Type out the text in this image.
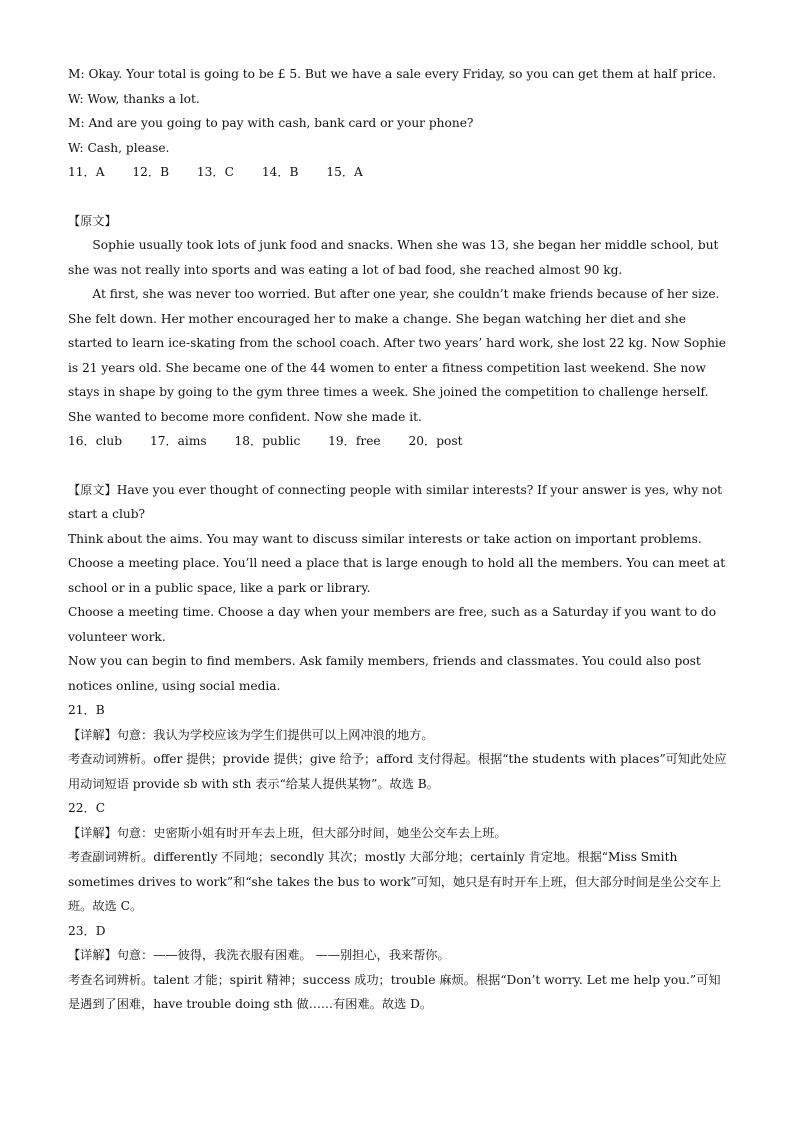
M: Okay. Your total is going to be £ 5. But we have a sale every Friday, so you can get them at half price.

W: Wow, thanks a lot.

M: And are you going to pay with cash, bank card or your phone?

W: Cash, please.

11．A 12．B 13．C 14．B 15．A

【原文】

Sophie usually took lots of junk food and snacks. When she was 13, she began her middle school, but she was not really into sports and was eating a lot of bad food, she reached almost 90 kg.

At first, she was never too worried. But after one year, she couldn’t make friends because of her size. She felt down. Her mother encouraged her to make a change. She began watching her diet and she started to learn ice-skating from the school coach. After two years’ hard work, she lost 22 kg. Now Sophie is 21 years old. She became one of the 44 women to enter a fitness competition last weekend. She now stays in shape by going to the gym three times a week. She joined the competition to challenge herself. She wanted to become more confident. Now she made it.

16．club 17．aims 18．public 19．free 20．post

【原文】Have you ever thought of connecting people with similar interests? If your answer is yes, why not start a club?

Think about the aims. You may want to discuss similar interests or take action on important problems.

Choose a meeting place. You’ll need a place that is large enough to hold all the members. You can meet at school or in a public space, like a park or library.

Choose a meeting time. Choose a day when your members are free, such as a Saturday if you want to do volunteer work.

Now you can begin to find members. Ask family members, friends and classmates. You could also post notices online, using social media.

21．B

【详解】句意：我认为学校应该为学生们提供可以上网冲浪的地方。

考查动词辨析。offer 提供；provide 提供；give 给予；afford 支付得起。根据“the students with places”可知此处应用动词短语 provide sb with sth 表示“给某人提供某物”。故选 B。

22．C

【详解】句意：史密斯小姐有时开车去上班，但大部分时间，她坐公交车去上班。

考查副词辨析。differently 不同地；secondly 其次；mostly 大部分地；certainly 肯定地。根据“Miss Smith sometimes drives to work”和“she takes the bus to work”可知，她只是有时开车上班，但大部分时间是坐公交车上班。故选 C。

23．D

【详解】句意：——彼得，我洗衣服有困难。 ——别担心，我来帮你。

考查名词辨析。talent 才能；spirit 精神；success 成功；trouble 麻烦。根据“Don’t worry. Let me help you.”可知是遇到了困难，have trouble doing sth 做……有困难。故选 D。
